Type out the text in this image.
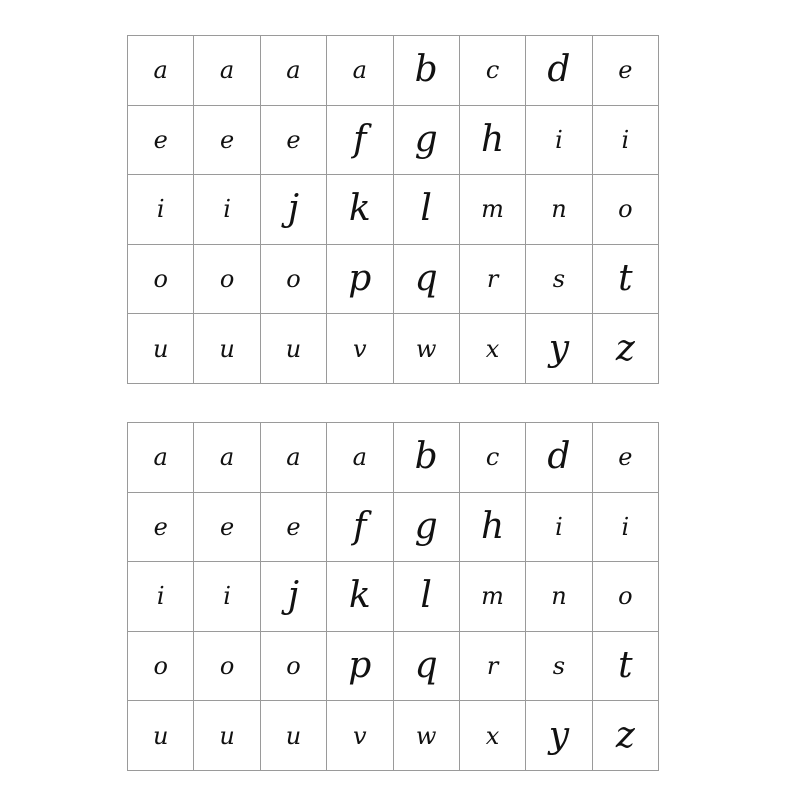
a a a a b c d e
e e e f g h i i
i i j k l m n o
o o o p q r s t
u u u v w x y z
a a a a b c d e
e e e f g h i i
i i j k l m n o
o o o p q r s t
u u u v w x y z
